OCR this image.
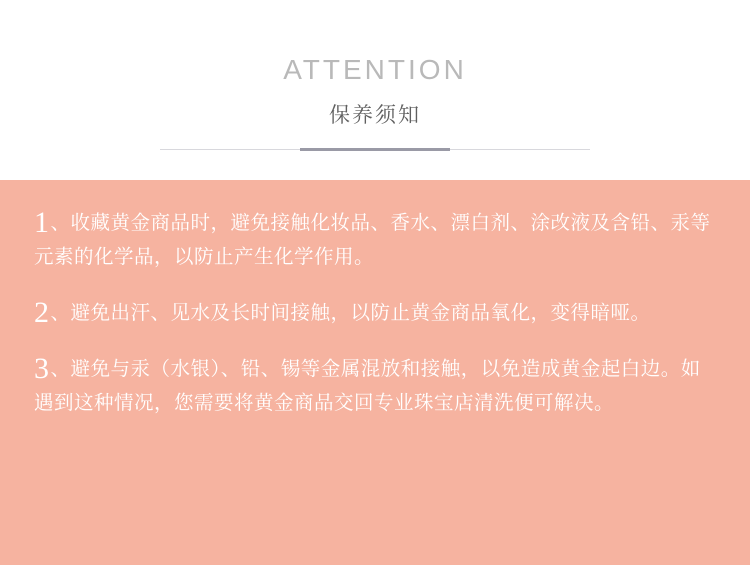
ATTENTION
保养须知
1、收藏黄金商品时，避免接触化妆品、香水、漂白剂、涂改液及含铅、汞等元素的化学品，以防止产生化学作用。
2、避免出汗、见水及长时间接触，以防止黄金商品氧化，变得暗哑。
3、避免与汞（水银）、铅、锡等金属混放和接触，以免造成黄金起白边。如遇到这种情况，您需要将黄金商品交回专业珠宝店清洗便可解决。
